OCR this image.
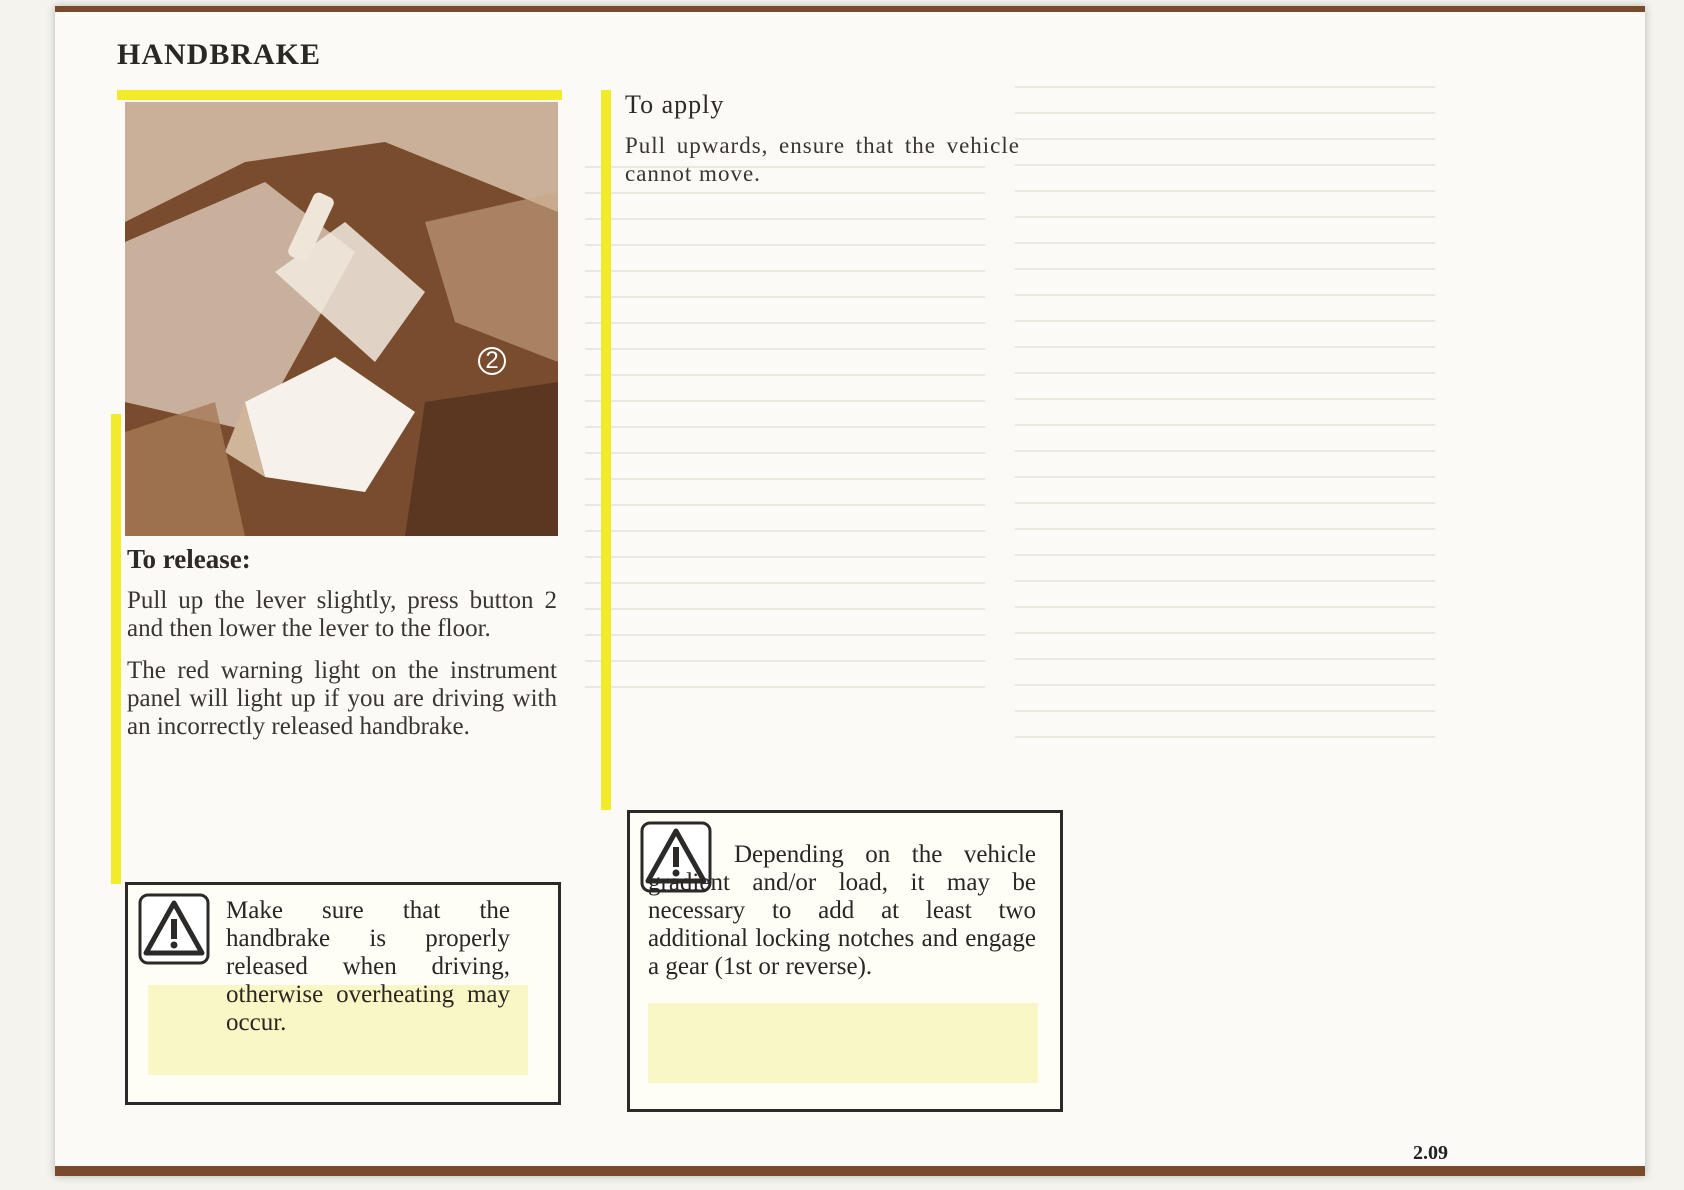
HANDBRAKE
2
To release:

Pull up the lever slightly, press button 2 and then lower the lever to the floor.

The red warning light on the instrument panel will light up if you are driving with an incorrectly released handbrake.

To apply

Pull upwards, ensure that the vehicle cannot move.

Make sure that the handbrake is properly released when driving, otherwise overheating may occur.
Depending on the vehicle gradient and/or load, it may be necessary to add at least two additional locking notches and engage a gear (1st or reverse).
2.09
